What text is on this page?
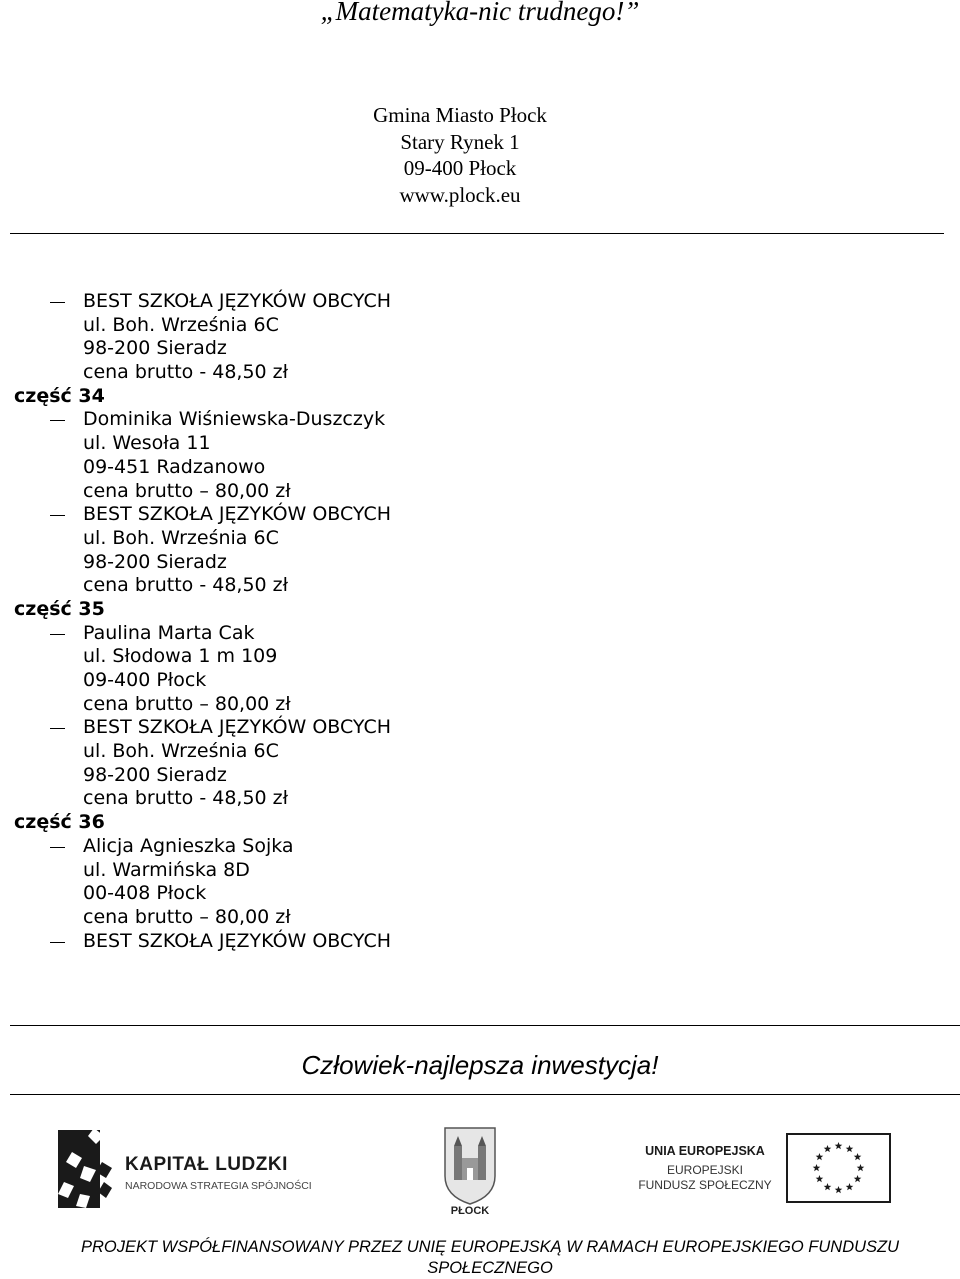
„Matematyka-nic trudnego!”
Gmina Miasto Płock
Stary Rynek 1
09-400 Płock
www.plock.eu
BEST SZKOŁA JĘZYKÓW OBCYCH
ul. Boh. Września 6C
98-200 Sieradz
cena brutto - 48,50 zł
część 34
Dominika Wiśniewska-Duszczyk
ul. Wesoła 11
09-451 Radzanowo
cena brutto – 80,00 zł
BEST SZKOŁA JĘZYKÓW OBCYCH
ul. Boh. Września 6C
98-200 Sieradz
cena brutto - 48,50 zł
część 35
Paulina Marta Cak
ul. Słodowa 1 m 109
09-400 Płock
cena brutto – 80,00 zł
BEST SZKOŁA JĘZYKÓW OBCYCH
ul. Boh. Września 6C
98-200 Sieradz
cena brutto - 48,50 zł
część 36
Alicja Agnieszka Sojka
ul. Warmińska 8D
00-408 Płock
cena brutto – 80,00 zł
BEST SZKOŁA JĘZYKÓW OBCYCH
Człowiek-najlepsza inwestycja!
KAPITAŁ LUDZKI
NARODOWA STRATEGIA SPÓJNOŚCI
PŁOCK
UNIA EUROPEJSKA
EUROPEJSKI
FUNDUSZ SPOŁECZNY
PROJEKT WSPÓŁFINANSOWANY PRZEZ UNIĘ EUROPEJSKĄ W RAMACH EUROPEJSKIEGO FUNDUSZU SPOŁECZNEGO
